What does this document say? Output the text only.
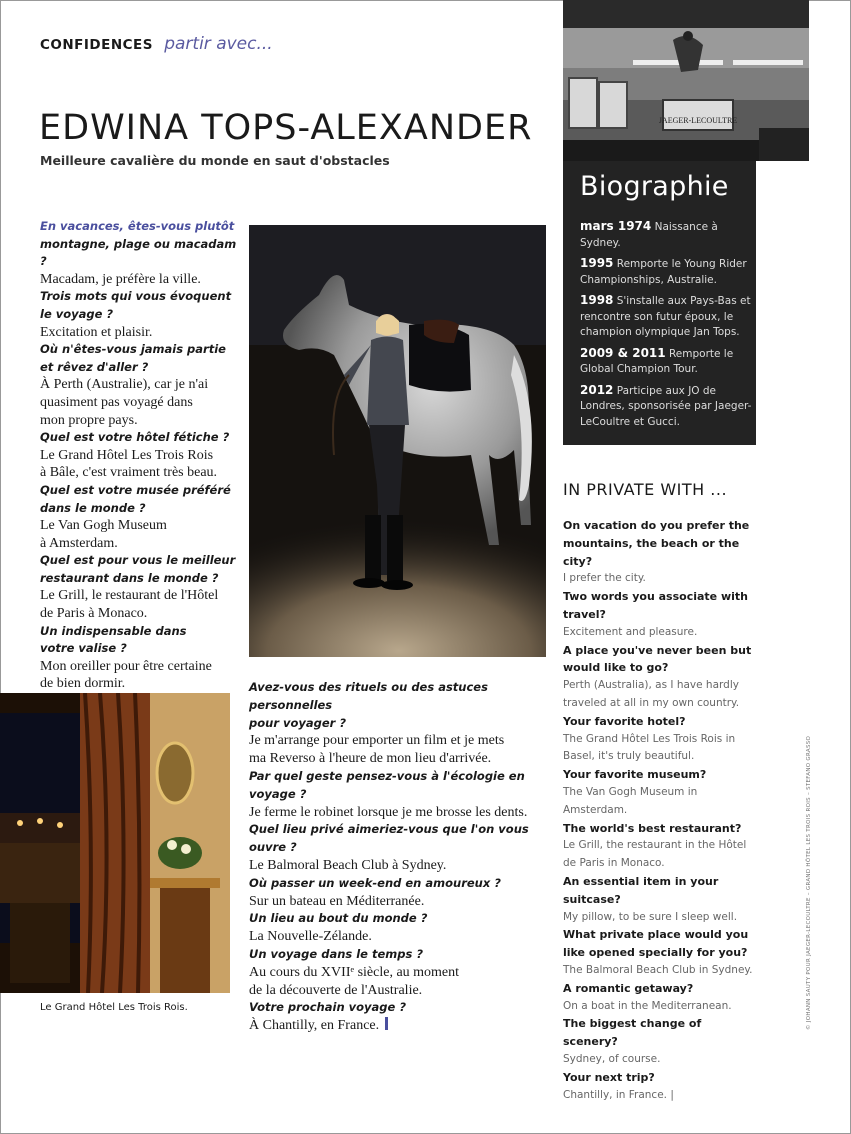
CONFIDENCES partir avec...
EDWINA TOPS-ALEXANDER
Meilleure cavalière du monde en saut d'obstacles
En vacances, êtes-vous plutôt
montagne, plage ou macadam ?
Macadam, je préfère la ville.
Trois mots qui vous évoquent
le voyage ?
Excitation et plaisir.
Où n'êtes-vous jamais partie
et rêvez d'aller ?
À Perth (Australie), car je n'ai
quasiment pas voyagé dans
mon propre pays.
Quel est votre hôtel fétiche ?
Le Grand Hôtel Les Trois Rois
à Bâle, c'est vraiment très beau.
Quel est votre musée préféré
dans le monde ?
Le Van Gogh Museum
à Amsterdam.
Quel est pour vous le meilleur
restaurant dans le monde ?
Le Grill, le restaurant de l'Hôtel
de Paris à Monaco.
Un indispensable dans
votre valise ?
Mon oreiller pour être certaine
de bien dormir.
Le Grand Hôtel Les Trois Rois.
Avez-vous des rituels ou des astuces personnelles
pour voyager ?
Je m'arrange pour emporter un film et je mets
ma Reverso à l'heure de mon lieu d'arrivée.
Par quel geste pensez-vous à l'écologie en
voyage ?
Je ferme le robinet lorsque je me brosse les dents.
Quel lieu privé aimeriez-vous que l'on vous ouvre ?
Le Balmoral Beach Club à Sydney.
Où passer un week-end en amoureux ?
Sur un bateau en Méditerranée.
Un lieu au bout du monde ?
La Nouvelle-Zélande.
Un voyage dans le temps ?
Au cours du XVIIᵉ siècle, au moment
de la découverte de l'Australie.
Votre prochain voyage ?
À Chantilly, en France.
JAEGER-LECOULTRE
Biographie
mars 1974 Naissance à Sydney.
1995 Remporte le Young Rider Championships, Australie.
1998 S'installe aux Pays-Bas et rencontre son futur époux, le champion olympique Jan Tops.
2009 & 2011 Remporte le Global Champion Tour.
2012 Participe aux JO de Londres, sponsorisée par Jaeger-LeCoultre et Gucci.
IN PRIVATE WITH ...
On vacation do you prefer the mountains, the beach or the city?
I prefer the city.
Two words you associate with travel?
Excitement and pleasure.
A place you've never been but would like to go?
Perth (Australia), as I have hardly traveled at all in my own country.
Your favorite hotel?
The Grand Hôtel Les Trois Rois in Basel, it's truly beautiful.
Your favorite museum?
The Van Gogh Museum in Amsterdam.
The world's best restaurant?
Le Grill, the restaurant in the Hôtel de Paris in Monaco.
An essential item in your suitcase?
My pillow, to be sure I sleep well.
What private place would you like opened specially for you?
The Balmoral Beach Club in Sydney.
A romantic getaway?
On a boat in the Mediterranean.
The biggest change of scenery?
Sydney, of course.
Your next trip?
Chantilly, in France. |
© JOHANN SAUTY POUR JAEGER-LECOULTRE – GRAND HÔTEL LES TROIS ROIS – STEFANO GRASSO
